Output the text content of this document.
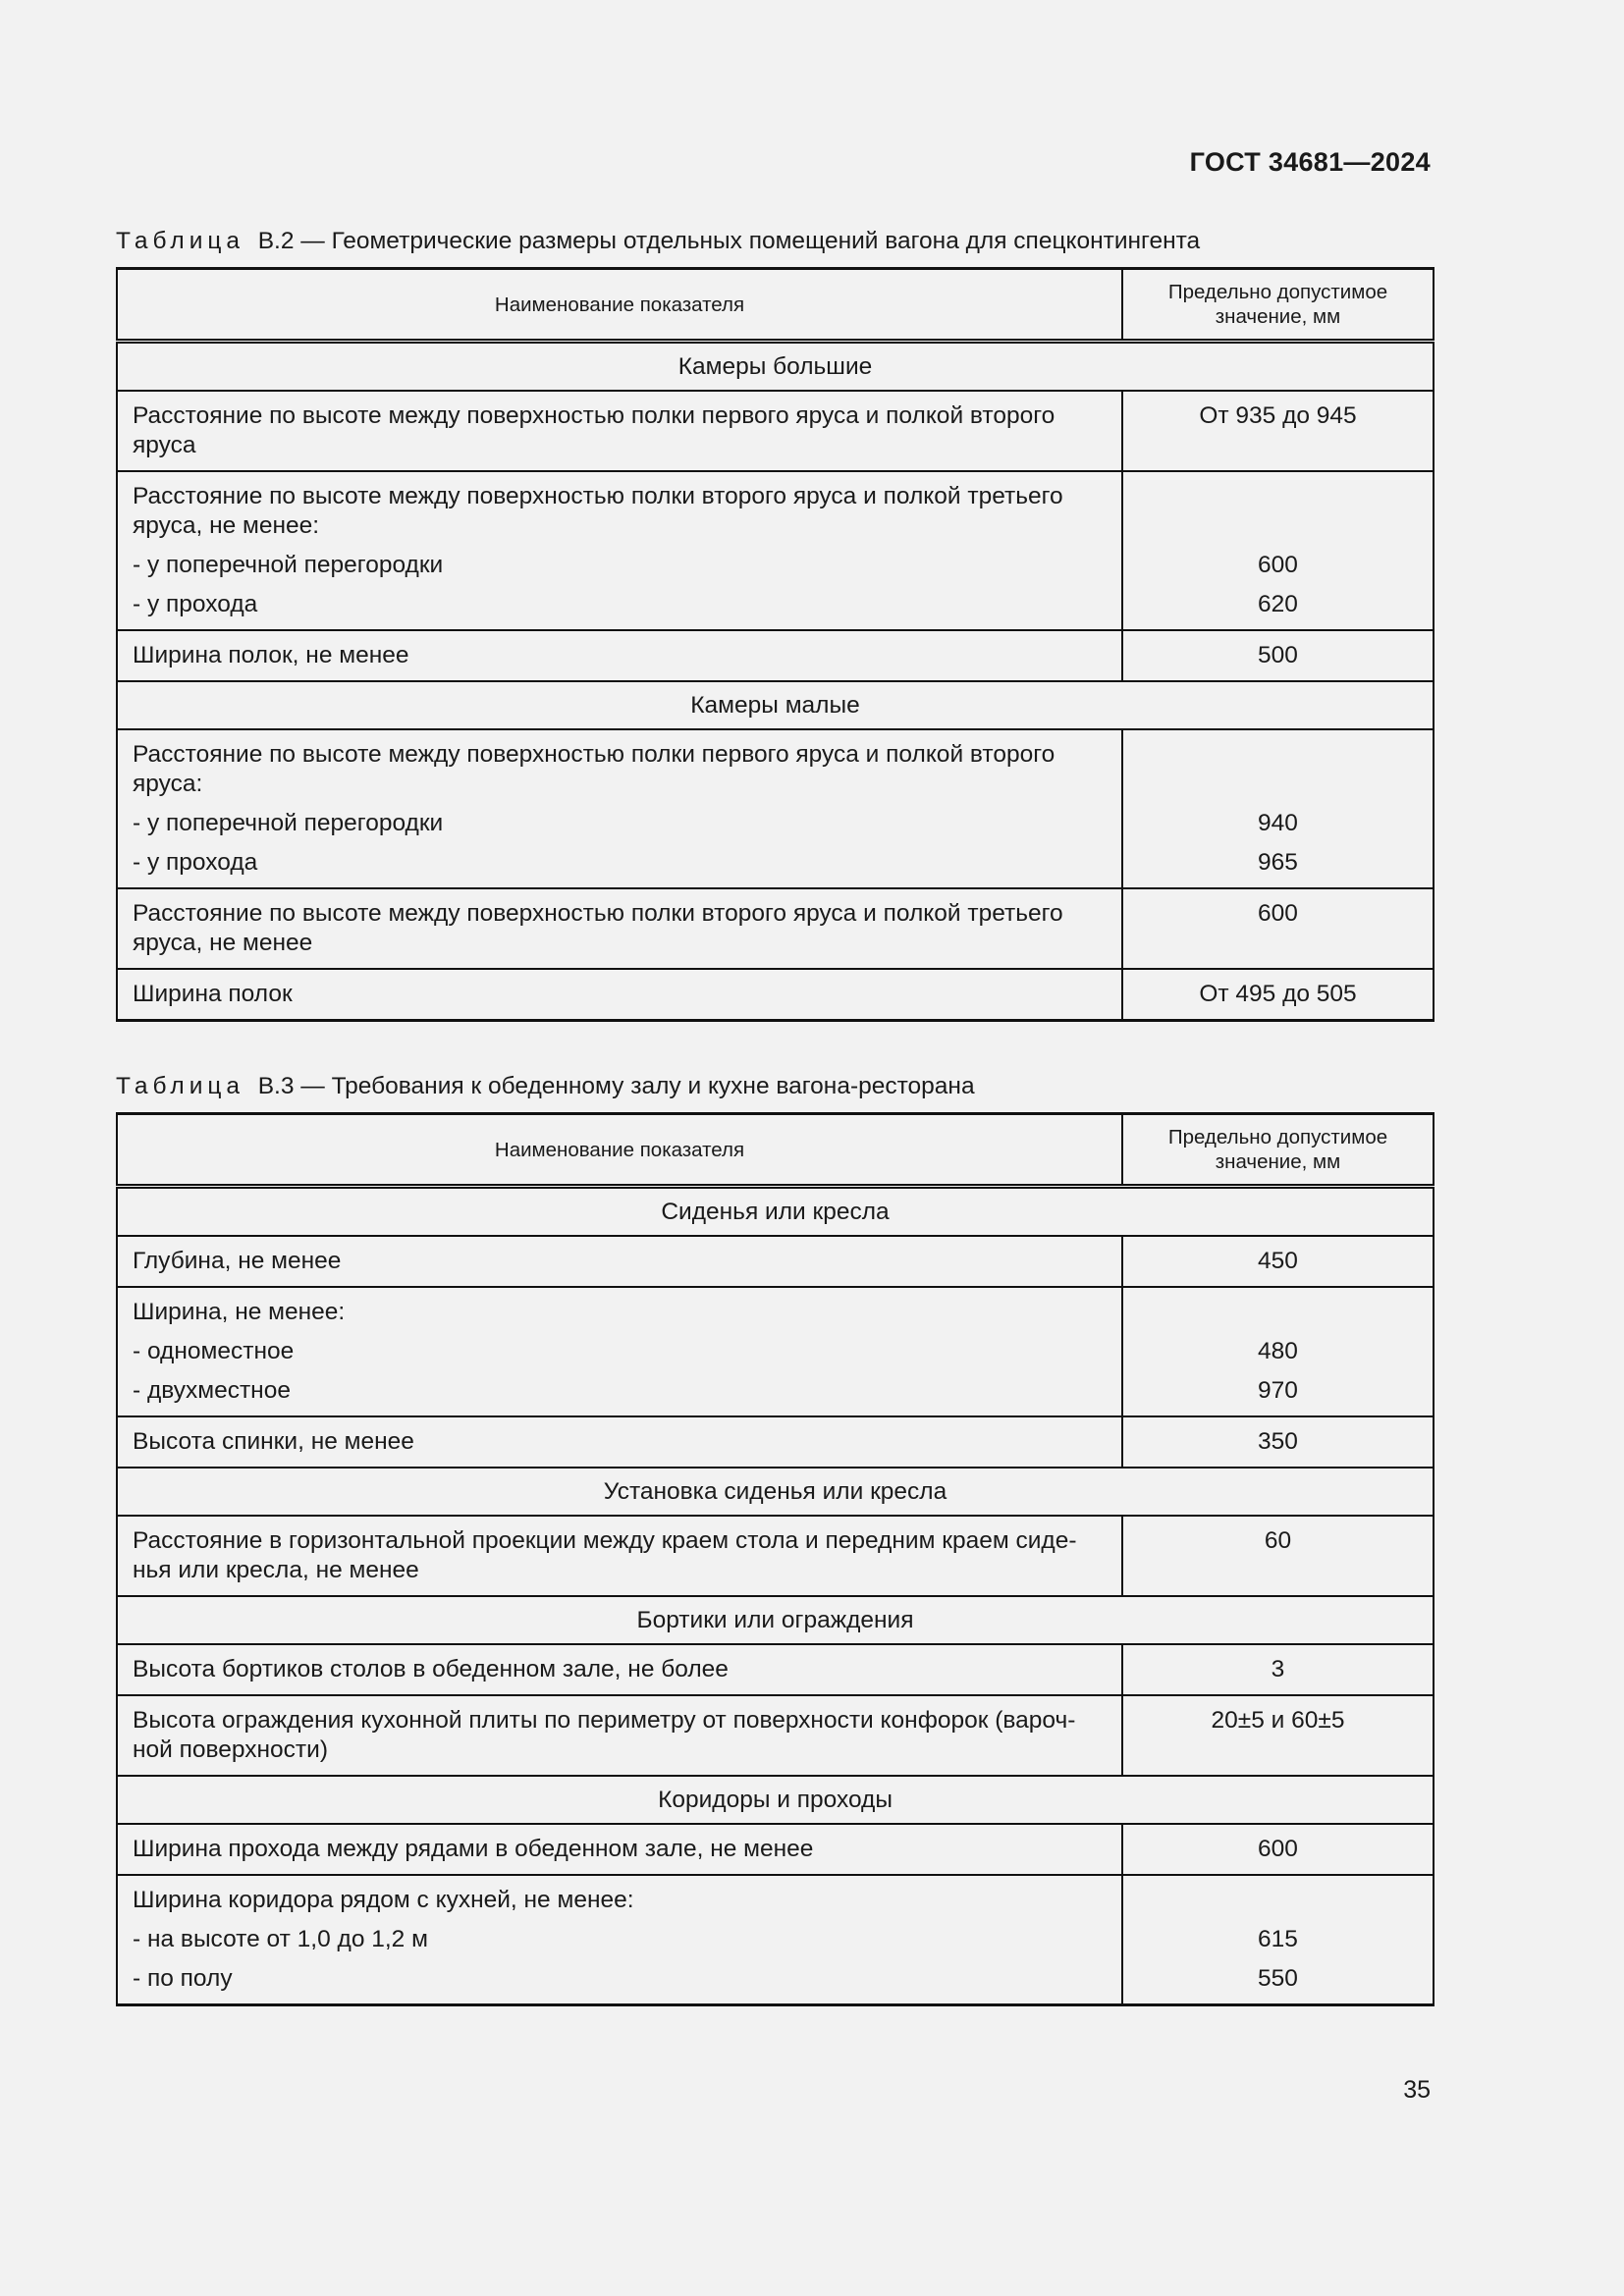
ГОСТ 34681—2024
Таблица В.2 — Геометрические размеры отдельных помещений вагона для спецконтингента
Наименование показателя	Предельно допустимое
значение, мм
Камеры большие	
Расстояние по высоте между поверхностью полки первого яруса и полкой второго
яруса	От 935 до 945
Расстояние по высоте между поверхностью полки второго яруса и полкой третьего
яруса, не менее:	
- у поперечной перегородки	600
- у прохода	620
Ширина полок, не менее	500
Камеры малые	
Расстояние по высоте между поверхностью полки первого яруса и полкой второго
яруса:	
- у поперечной перегородки	940
- у прохода	965
Расстояние по высоте между поверхностью полки второго яруса и полкой третьего
яруса, не менее	600
Ширина полок	От 495 до 505
Таблица В.3 — Требования к обеденному залу и кухне вагона-ресторана
Наименование показателя	Предельно допустимое
значение, мм
Сиденья или кресла	
Глубина, не менее	450
Ширина, не менее:	
- одноместное	480
- двухместное	970
Высота спинки, не менее	350
Установка сиденья или кресла	
Расстояние в горизонтальной проекции между краем стола и передним краем сиде-
нья или кресла, не менее	60
Бортики или ограждения	
Высота бортиков столов в обеденном зале, не более	3
Высота ограждения кухонной плиты по периметру от поверхности конфорок (вароч-
ной поверхности)	20±5 и 60±5
Коридоры и проходы	
Ширина прохода между рядами в обеденном зале, не менее	600
Ширина коридора рядом с кухней, не менее:	
- на высоте от 1,0 до 1,2 м	615
- по полу	550
35
